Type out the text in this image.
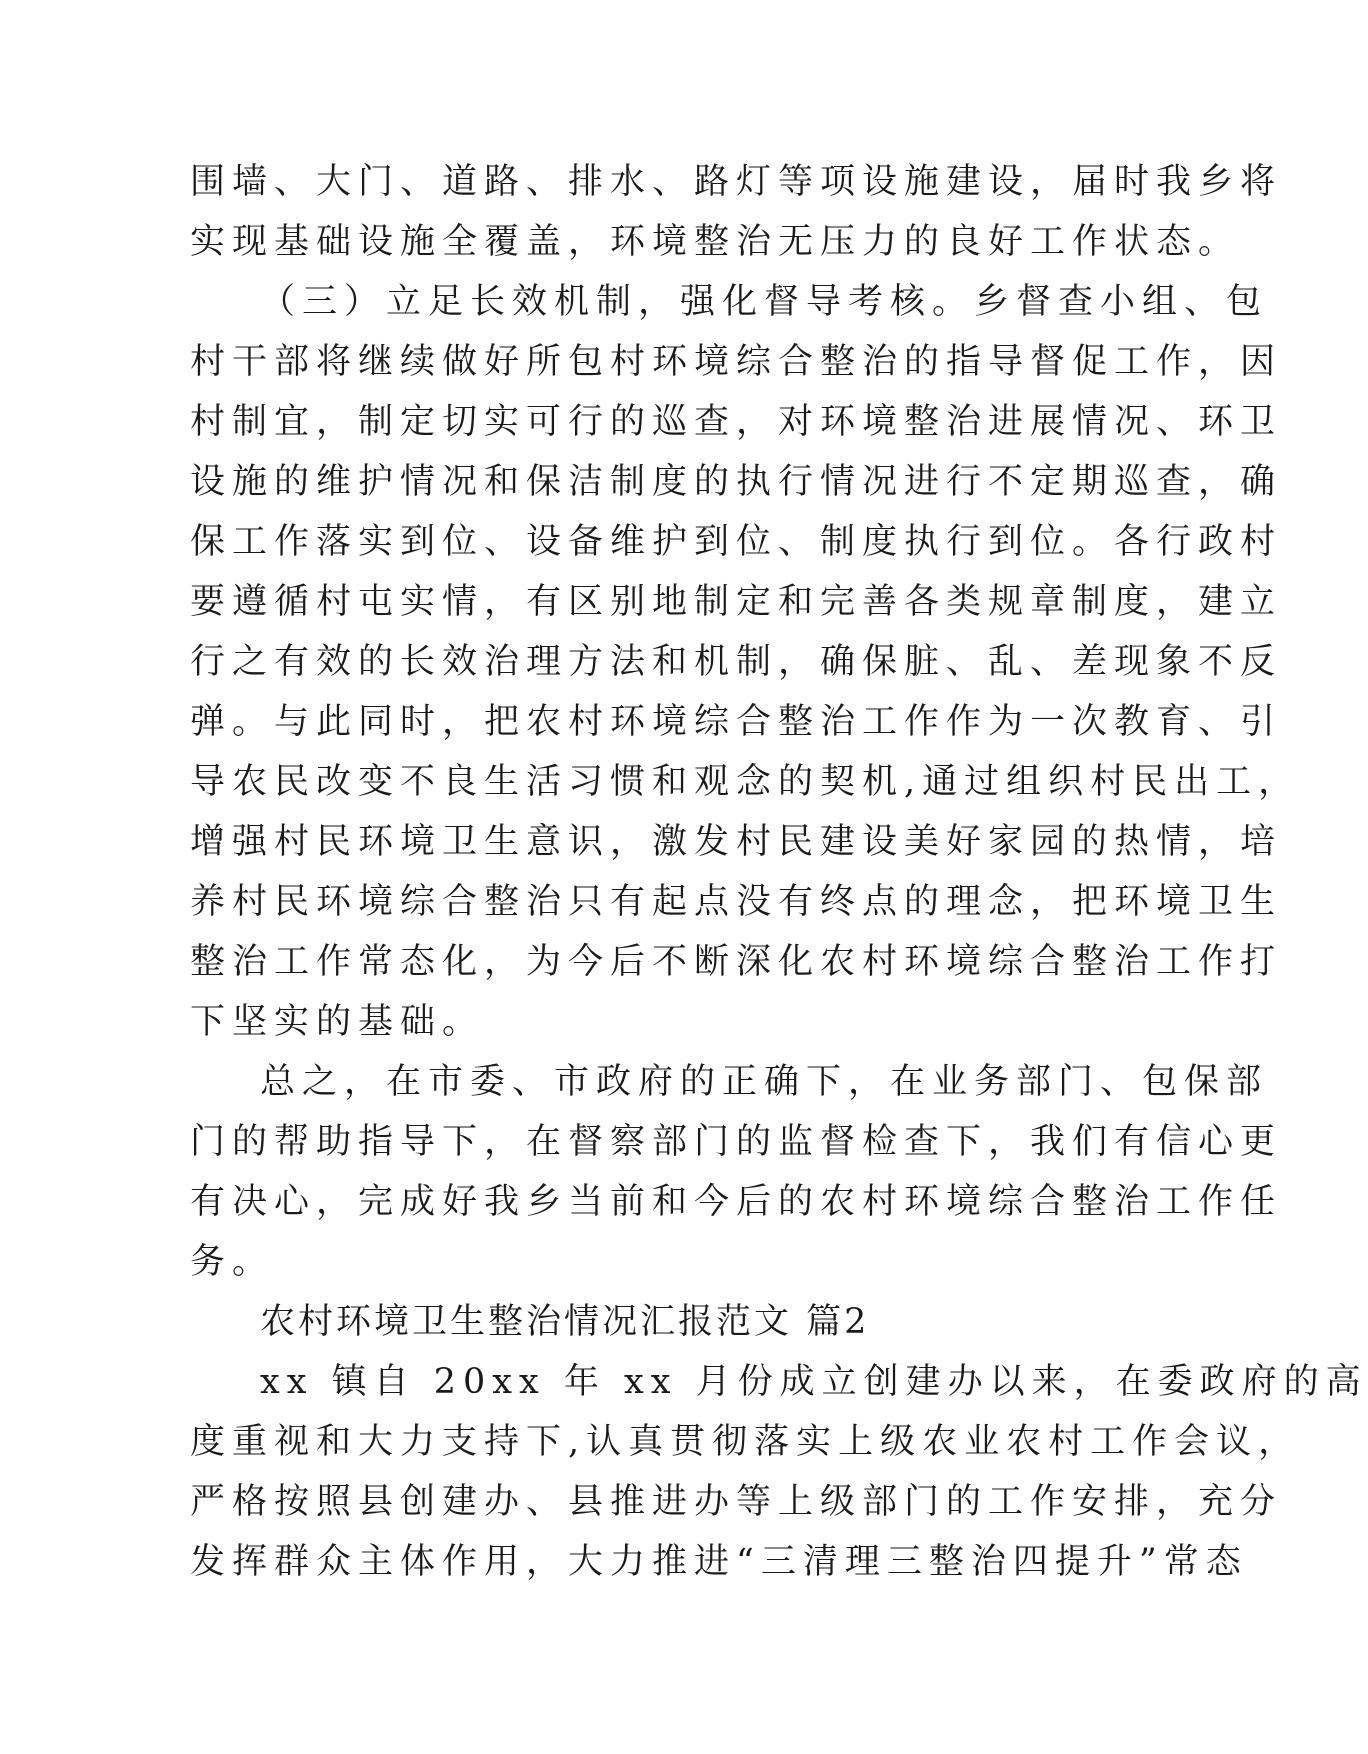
围墙、大门、道路、排水、路灯等项设施建设，届时我乡将
实现基础设施全覆盖，环境整治无压力的良好工作状态。
（三）立足长效机制，强化督导考核。乡督查小组、包
村干部将继续做好所包村环境综合整治的指导督促工作，因
村制宜，制定切实可行的巡查，对环境整治进展情况、环卫
设施的维护情况和保洁制度的执行情况进行不定期巡查，确
保工作落实到位、设备维护到位、制度执行到位。各行政村
要遵循村屯实情，有区别地制定和完善各类规章制度，建立
行之有效的长效治理方法和机制，确保脏、乱、差现象不反
弹。与此同时，把农村环境综合整治工作作为一次教育、引
导农民改变不良生活习惯和观念的契机,通过组织村民出工，
增强村民环境卫生意识，激发村民建设美好家园的热情，培
养村民环境综合整治只有起点没有终点的理念，把环境卫生
整治工作常态化，为今后不断深化农村环境综合整治工作打
下坚实的基础。
总之，在市委、市政府的正确下，在业务部门、包保部
门的帮助指导下，在督察部门的监督检查下，我们有信心更
有决心，完成好我乡当前和今后的农村环境综合整治工作任
务。
农村环境卫生整治情况汇报范文 篇2
xx 镇自 20xx 年 xx 月份成立创建办以来，在委政府的高
度重视和大力支持下,认真贯彻落实上级农业农村工作会议，
严格按照县创建办、县推进办等上级部门的工作安排，充分
发挥群众主体作用，大力推进“三清理三整治四提升”常态
